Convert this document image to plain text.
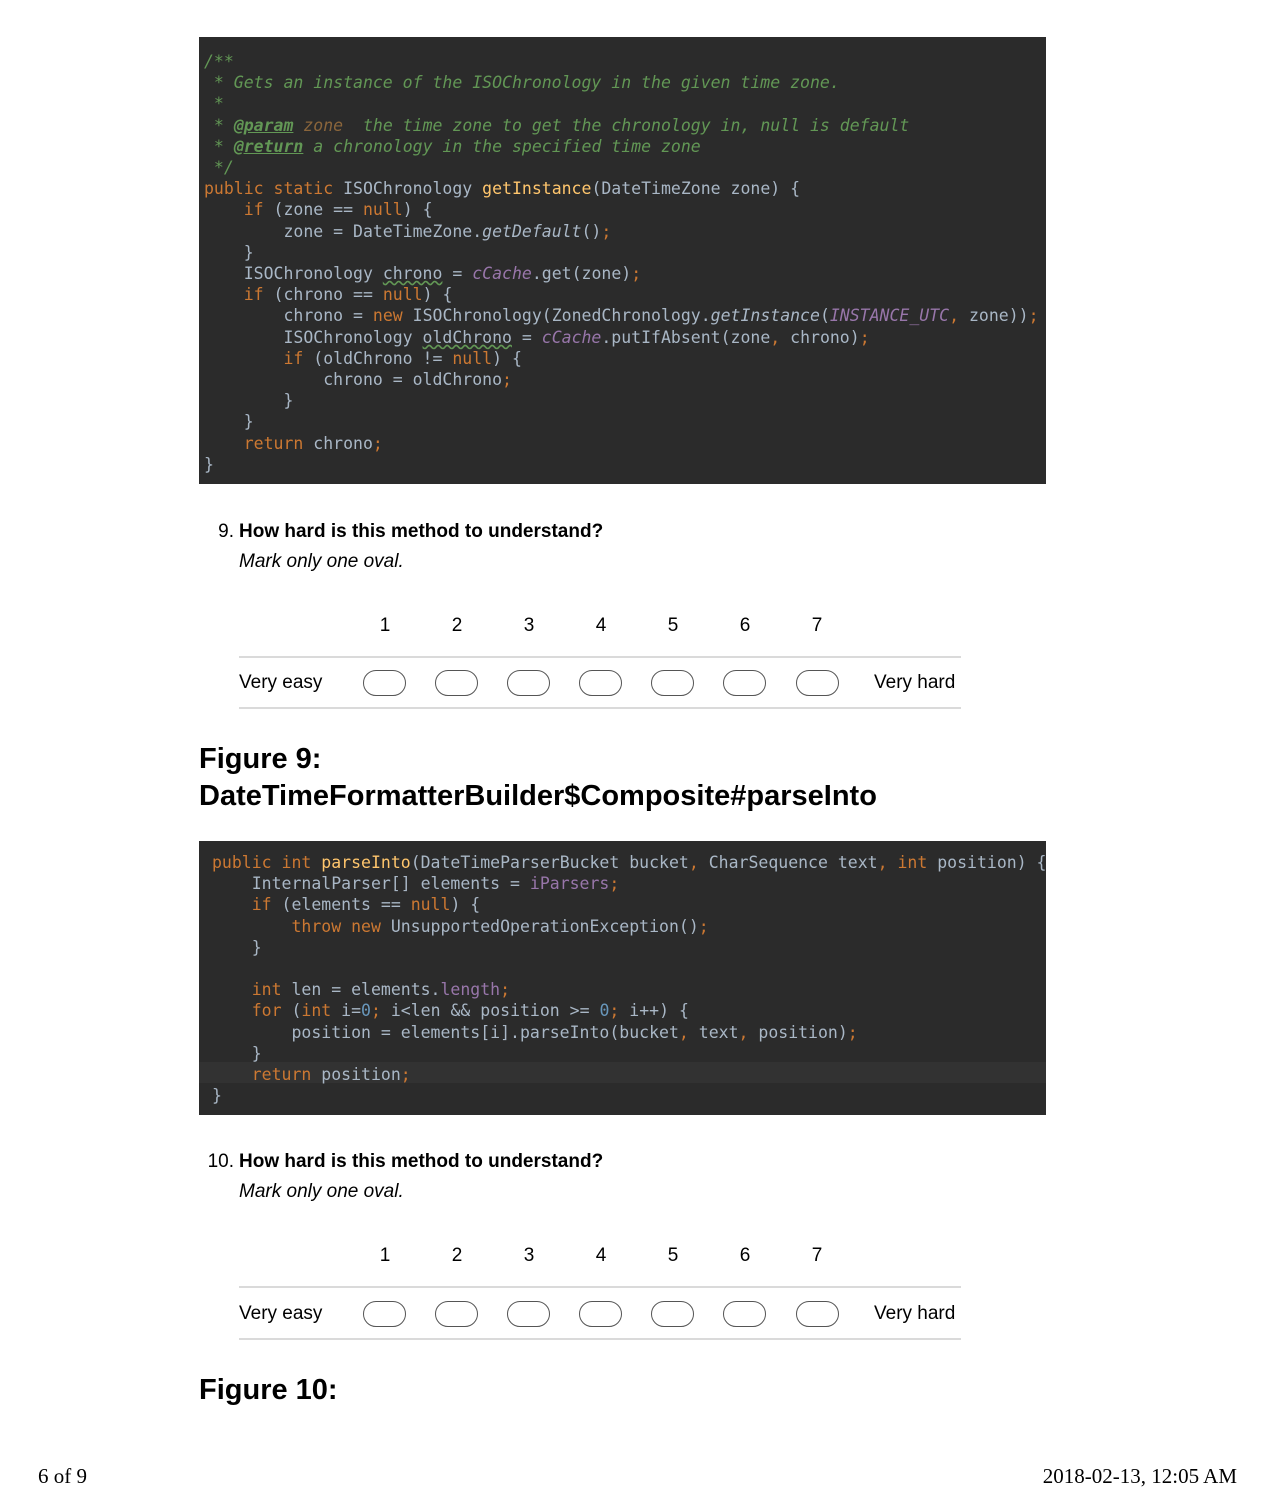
/**
* Gets an instance of the ISOChronology in the given time zone.
*
* @param zone  the time zone to get the chronology in, null is default
* @return a chronology in the specified time zone
*/
public static ISOChronology getInstance(DateTimeZone zone) {
if (zone == null) {
zone = DateTimeZone.getDefault();
}
ISOChronology chrono = cCache.get(zone);
if (chrono == null) {
chrono = new ISOChronology(ZonedChronology.getInstance(INSTANCE_UTC, zone));
ISOChronology oldChrono = cCache.putIfAbsent(zone, chrono);
if (oldChrono != null) {
chrono = oldChrono;
}
}
return chrono;
}
9. How hard is this method to understand?
Mark only one oval.
1	2	3	4	5	6	7
Very easy	Very hard
Figure 9:
DateTimeFormatterBuilder$Composite#parseInto
public int parseInto(DateTimeParserBucket bucket, CharSequence text, int position) {
InternalParser[] elements = iParsers;
if (elements == null) {
throw new UnsupportedOperationException();
}

int len = elements.length;
for (int i=0; i<len && position >= 0; i++) {
position = elements[i].parseInto(bucket, text, position);
}
return position;
}
10. How hard is this method to understand?
Mark only one oval.
1	2	3	4	5	6	7
Very easy	Very hard
Figure 10:
6 of 9	2018-02-13, 12:05 AM
